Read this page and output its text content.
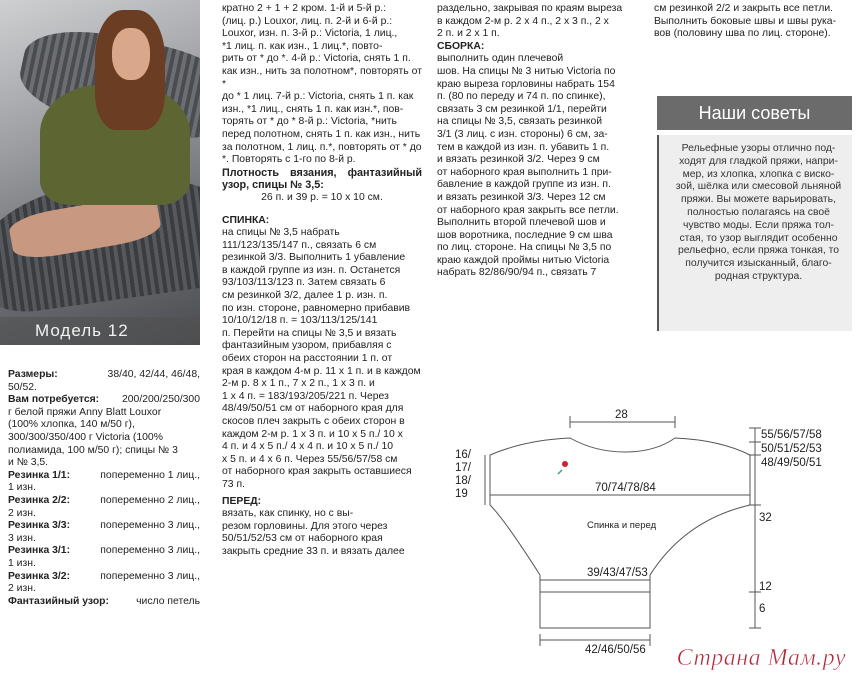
Модель 12
Размеры:	38/40, 42/44, 46/48,
50/52.
Вам потребуется: 200/200/250/300
г белой пряжи Anny Blatt Louxor
(100% хлопка, 140 м/50 г),
300/300/350/400 г Victoria (100%
полиамида, 100 м/50 г); спицы № 3
и № 3,5.
Резинка 1/1:	попеременно 1 лиц.,
1 изн.
Резинка 2/2:	попеременно 2 лиц.,
2 изн.
Резинка 3/3:	попеременно 3 лиц.,
3 изн.
Резинка 3/1:	попеременно 3 лиц.,
1 изн.
Резинка 3/2:	попеременно 3 лиц.,
2 изн.
Фантазийный узор:	число петель
кратно 2 + 1 + 2 кром. 1-й и 5-й р.:
(лиц. р.) Louxor, лиц. п. 2-й и 6-й р.:
Louxor, изн. п. 3-й р.: Victoria, 1 лиц.,
*1 лиц. п. как изн., 1 лиц.*, повто-
рить от * до *. 4-й р.: Victoria, снять 1 п.
как изн., нить за полотном*, повторять от *
до * 1 лиц. 7-й р.: Victoria, снять 1 п. как
изн., *1 лиц., снять 1 п. как изн.*, пов-
торять от * до * 8-й р.: Victoria, *нить
перед полотном, снять 1 п. как изн., нить
за полотном, 1 лиц. п.*, повторять от * до
*. Повторять с 1-го по 8-й р.
Плотность вязания, фантазийный узор, спицы № 3,5:
26 п. и 39 р. = 10 х 10 см.
СПИНКА:
на спицы № 3,5 набрать
111/123/135/147 п., связать 6 см
резинкой 3/3. Выполнить 1 убавление
в каждой группе из изн. п. Останется
93/103/113/123 п. Затем связать 6
см резинкой 3/2, далее 1 р. изн. п.
по изн. стороне, равномерно прибавив
10/10/12/18 п. = 103/113/125/141
п. Перейти на спицы № 3,5 и вязать
фантазийным узором, прибавляя с
обеих сторон на расстоянии 1 п. от
края в каждом 4-м р. 11 х 1 п. и в каждом
2-м р. 8 х 1 п., 7 х 2 п., 1 х 3 п. и
1 х 4 п. = 183/193/205/221 п. Через
48/49/50/51 см от наборного края для
скосов плеч закрыть с обеих сторон в
каждом 2-м р. 1 х 3 п. и 10 х 5 п./ 10 х
4 п. и 4 х 5 п./ 4 х 4 п. и 10 х 5 п./ 10
х 5 п. и 4 х 6 п. Через 55/56/57/58 см
от наборного края закрыть оставшиеся
73 п.
ПЕРЕД:
вязать, как спинку, но с вы-
резом горловины. Для этого через
50/51/52/53 см от наборного края
закрыть средние 33 п. и вязать далее
раздельно, закрывая по краям выреза
в каждом 2-м р. 2 х 4 п., 2 х 3 п., 2 х
2 п. и 2 х 1 п.
СБОРКА:
выполнить один плечевой
шов. На спицы № 3 нитью Victoria по
краю выреза горловины набрать 154
п. (80 по переду и 74 п. по спинке),
связать 3 см резинкой 1/1, перейти
на спицы № 3,5, связать резинкой
3/1 (3 лиц. с изн. стороны) 6 см, за-
тем в каждой из изн. п. убавить 1 п.
и вязать резинкой 3/2. Через 9 см
от наборного края выполнить 1 при-
бавление в каждой группе из изн. п.
и вязать резинкой 3/3. Через 12 см
от наборного края закрыть все петли.
Выполнить второй плечевой шов и
шов воротника, последние 9 см шва
по лиц. стороне. На спицы № 3,5 по
краю каждой проймы нитью Victoria
набрать 82/86/90/94 п., связать 7
см резинкой 2/2 и закрыть все петли.
Выполнить боковые швы и швы рука-
вов (половину шва по лиц. стороне).
Наши советы
Рельефные узоры отлично под-
ходят для гладкой пряжи, напри-
мер, из хлопка, хлопка с виско-
зой, шёлка или смесовой льняной
пряжи. Вы можете варьировать,
полностью полагаясь на своё
чувство моды. Если пряжа тол-
стая, то узор выглядит особенно
рельефно, если пряжа тонкая, то
получится изысканный, благо-
родная структура.
28
16/
17/
18/
19
55/56/57/58
50/51/52/53
48/49/50/51
70/74/78/84
Спинка и перед
32
39/43/47/53
12
6
42/46/50/56 Страна Мам.ру
